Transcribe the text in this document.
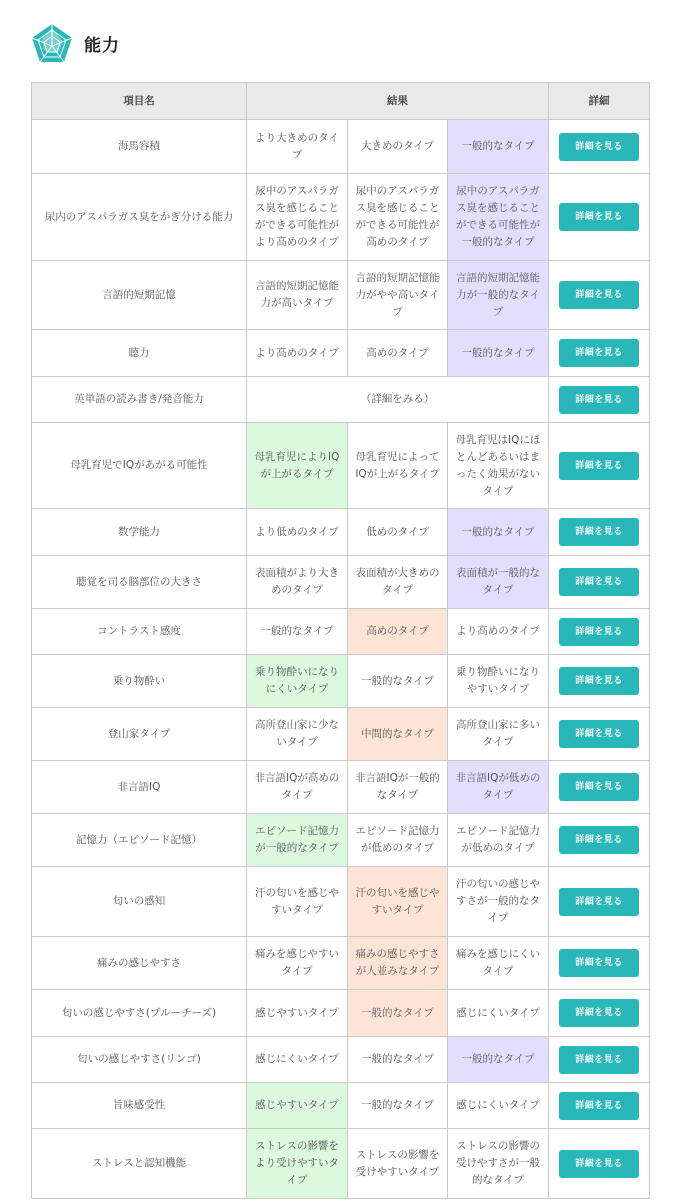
能力
項目名	結果			詳細
海馬容積	より大きめのタイプ	大きめのタイプ	一般的なタイプ	詳細を見る
尿内のアスパラガス臭をかぎ分ける能力	尿中のアスパラガス臭を感じることができる可能性がより高めのタイプ	尿中のアスパラガス臭を感じることができる可能性が高めのタイプ	尿中のアスパラガス臭を感じることができる可能性が一般的なタイプ	詳細を見る
言語的短期記憶	言語的短期記憶能力が高いタイプ	言語的短期記憶能力がやや高いタイプ	言語的短期記憶能力が一般的なタイプ	詳細を見る
聴力	より高めのタイプ	高めのタイプ	一般的なタイプ	詳細を見る
英単語の読み書き/発音能力	（詳細をみる）			詳細を見る
母乳育児でIQがあがる可能性	母乳育児によりIQが上がるタイプ	母乳育児によってIQが上がるタイプ	母乳育児はIQにほとんどあるいはまったく効果がないタイプ	詳細を見る
数学能力	より低めのタイプ	低めのタイプ	一般的なタイプ	詳細を見る
聴覚を司る脳部位の大きさ	表面積がより大きめのタイプ	表面積が大きめのタイプ	表面積が一般的なタイプ	詳細を見る
コントラスト感度	一般的なタイプ	高めのタイプ	より高めのタイプ	詳細を見る
乗り物酔い	乗り物酔いになりにくいタイプ	一般的なタイプ	乗り物酔いになりやすいタイプ	詳細を見る
登山家タイプ	高所登山家に少ないタイプ	中間的なタイプ	高所登山家に多いタイプ	詳細を見る
非言語IQ	非言語IQが高めのタイプ	非言語IQが一般的なタイプ	非言語IQが低めのタイプ	詳細を見る
記憶力（エピソード記憶）	エピソード記憶力が一般的なタイプ	エピソード記憶力が低めのタイプ	エピソード記憶力が低めのタイプ	詳細を見る
匂いの感知	汗の匂いを感じやすいタイプ	汗の匂いを感じやすいタイプ	汗の匂いの感じやすさが一般的なタイプ	詳細を見る
痛みの感じやすさ	痛みを感じやすいタイプ	痛みの感じやすさが人並みなタイプ	痛みを感じにくいタイプ	詳細を見る
匂いの感じやすさ(ブルーチーズ)	感じやすいタイプ	一般的なタイプ	感じにくいタイプ	詳細を見る
匂いの感じやすさ(リンゴ)	感じにくいタイプ	一般的なタイプ	一般的なタイプ	詳細を見る
旨味感受性	感じやすいタイプ	一般的なタイプ	感じにくいタイプ	詳細を見る
ストレスと認知機能	ストレスの影響をより受けやすいタイプ	ストレスの影響を受けやすいタイプ	ストレスの影響の受けやすさが一般的なタイプ	詳細を見る
